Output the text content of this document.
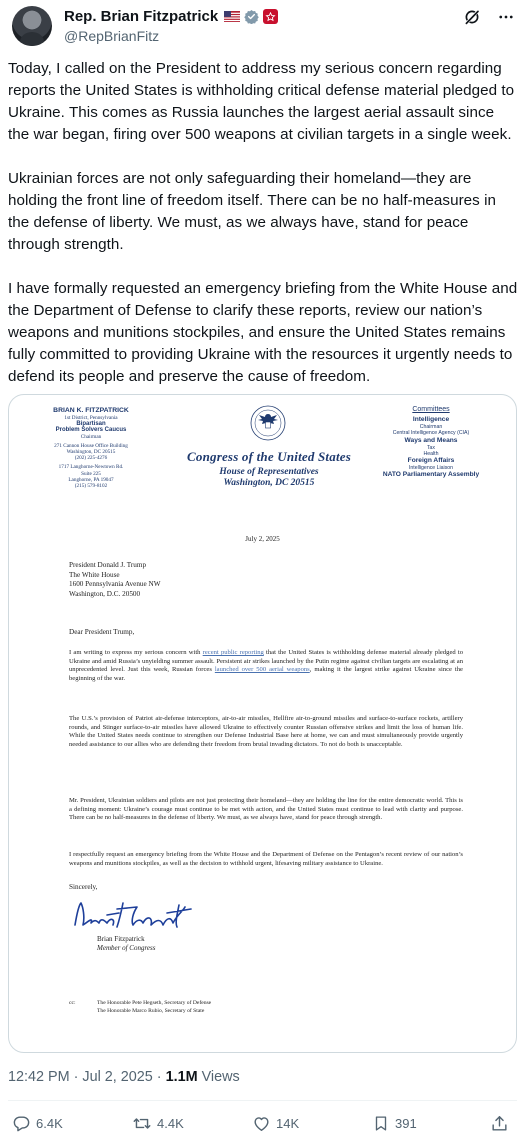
Rep. Brian Fitzpatrick
@RepBrianFitz

Today, I called on the President to address my serious concern regarding reports the United States is withholding critical defense material pledged to Ukraine. This comes as Russia launches the largest aerial assault since the war began, firing over 500 weapons at civilian targets in a single week.

Ukrainian forces are not only safeguarding their homeland—they are holding the front line of freedom itself. There can be no half-measures in the defense of liberty. We must, as we always have, stand for peace through strength.

I have formally requested an emergency briefing from the White House and the Department of Defense to clarify these reports, review our nation’s weapons and munitions stockpiles, and ensure the United States remains fully committed to providing Ukraine with the resources it urgently needs to defend its people and preserve the cause of freedom.

BRIAN K. FITZPATRICK
1st District, Pennsylvania
Bipartisan
Problem Solvers Caucus
Chairman
271 Cannon House Office Building
Washington, DC 20515
(202) 225-4276
1717 Langhorne-Newtown Rd.
Suite 225
Langhorne, PA 19047
(215) 579-8102
Congress of the United States
House of Representatives
Washington, DC 20515
Committees
Intelligence
Chairman
Central Intelligence Agency (CIA)
Ways and Means
Tax
Health
Foreign Affairs
Intelligence Liaison
NATO Parliamentary Assembly
July 2, 2025
President Donald J. Trump
The White House
1600 Pennsylvania Avenue NW
Washington, D.C. 20500
Dear President Trump,
I am writing to express my serious concern with recent public reporting that the United States is withholding defense material already pledged to Ukraine and amid Russia’s unyielding summer assault. Persistent air strikes launched by the Putin regime against civilian targets are escalating at an unprecedented level. Just this week, Russian forces launched over 500 aerial weapons, making it the largest strike against Ukraine since the beginning of the war.
The U.S.’s provision of Patriot air-defense interceptors, air-to-air missiles, Hellfire air-to-ground missiles and surface-to-surface rockets, artillery rounds, and Stinger surface-to-air missiles have allowed Ukraine to effectively counter Russian offensive strikes and limit the loss of human life. While the United States needs continue to strengthen our Defense Industrial Base here at home, we can and must simultaneously provide urgently needed assistance to our allies who are defending their freedom from brutal invading dictators. To not do both is unacceptable.
Mr. President, Ukrainian soldiers and pilots are not just protecting their homeland—they are holding the line for the entire democratic world. This is a defining moment: Ukraine’s courage must continue to be met with action, and the United States must continue to lead with clarity and purpose. There can be no half-measures in the defense of liberty. We must, as we always have, stand for peace through strength.
I respectfully request an emergency briefing from the White House and the Department of Defense on the Pentagon’s recent review of our nation’s weapons and munitions stockpiles, as well as the decision to withhold urgent, lifesaving military assistance to Ukraine.
Sincerely,
Brian Fitzpatrick
Member of Congress
cc:	The Honorable Pete Hegseth, Secretary of Defense
The Honorable Marco Rubio, Secretary of State
12:42 PM · Jul 2, 2025 · 1.1M Views
6.4K	4.4K	14K	391
